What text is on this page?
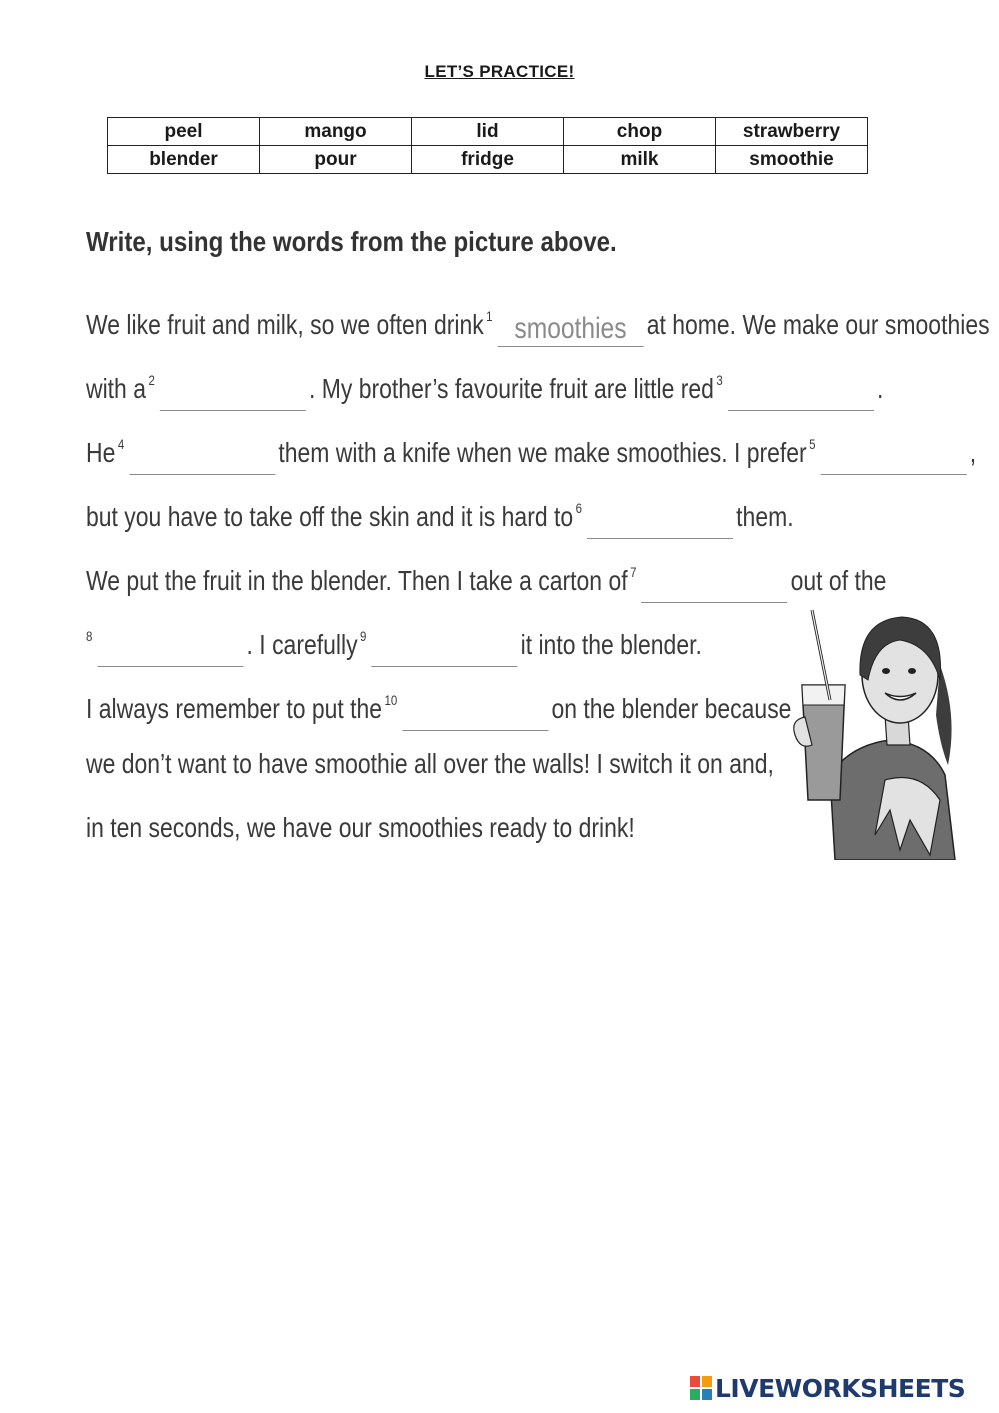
LET’S PRACTICE!
peel	mango	lid	chop	strawberry
blender	pour	fridge	milk	smoothie
Write, using the words from the picture above.
We like fruit and milk, so we often drink $^1$ smoothies at home. We make our smoothies
with a $^2$	. My brother’s favourite fruit are little red $^3$	.
He $^4$	them with a knife when we make smoothies. I prefer $^5$	,
but you have to take off the skin and it is hard to $^6$	them.
We put the fruit in the blender. Then I take a carton of $^7$	out of the
$^8$	. I carefully $^9$	it into the blender.
I always remember to put the $^{10}$	on the blender because
we don’t want to have smoothie all over the walls! I switch it on and,
in ten seconds, we have our smoothies ready to drink!
LIVEWORKSHEETS
